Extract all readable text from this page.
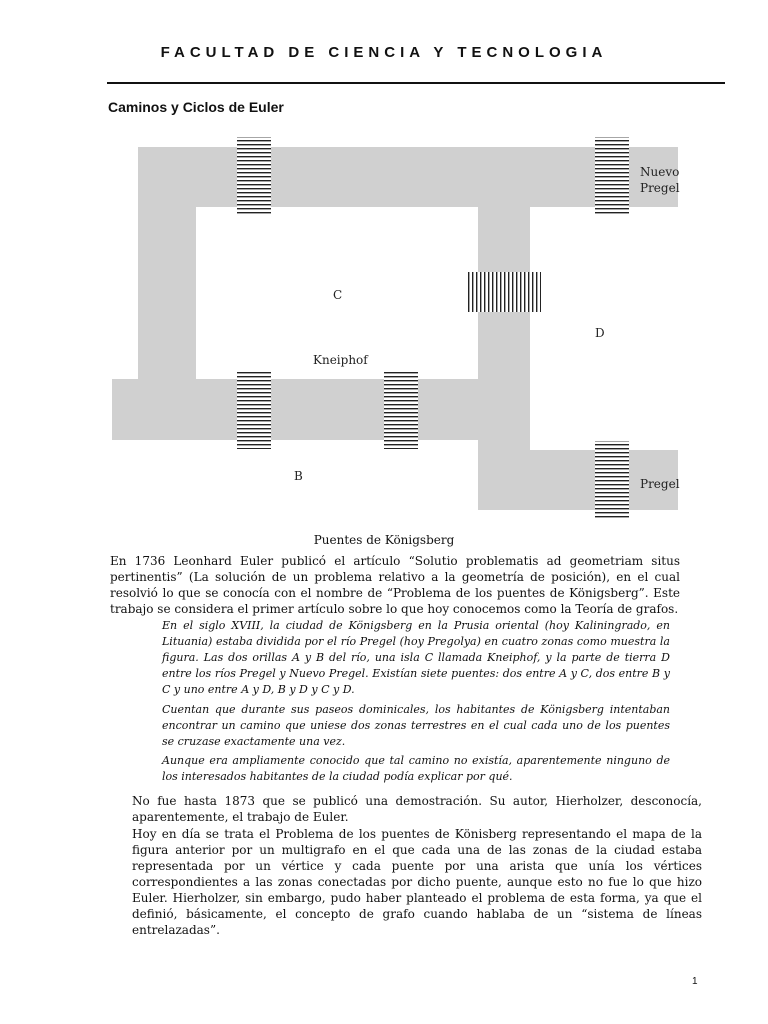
FACULTAD DE CIENCIA Y TECNOLOGIA
Caminos y Ciclos de Euler
Nuevo
Pregel
C
D
Kneiphof
B
Pregel
Puentes de Königsberg

En 1736 Leonhard Euler publicó el artículo “Solutio problematis ad geometriam situs pertinentis” (La solución de un problema relativo a la geometría de posición), en el cual resolvió lo que se conocía con el nombre de “Problema de los puentes de Königsberg”. Este trabajo se considera el primer artículo sobre lo que hoy conocemos como la Teoría de grafos.

En el siglo XVIII, la ciudad de Königsberg en la Prusia oriental (hoy Kaliningrado, en Lituania) estaba dividida por el río Pregel (hoy Pregolya) en cuatro zonas como muestra la figura. Las dos orillas A y B del río, una isla C llamada Kneiphof, y la parte de tierra D entre los ríos Pregel y Nuevo Pregel. Existían siete puentes: dos entre A y C, dos entre B y C y uno entre A y D, B y D y C y D.

Cuentan que durante sus paseos dominicales, los habitantes de Königsberg intentaban encontrar un camino que uniese dos zonas terrestres en el cual cada uno de los puentes se cruzase exactamente una vez.

Aunque era ampliamente conocido que tal camino no existía, aparentemente ninguno de los interesados habitantes de la ciudad podía explicar por qué.

No fue hasta 1873 que se publicó una demostración. Su autor, Hierholzer, desconocía, aparentemente, el trabajo de Euler.

Hoy en día se trata el Problema de los puentes de Könisberg representando el mapa de la figura anterior por un multigrafo en el que cada una de las zonas de la ciudad estaba representada por un vértice y cada puente por una arista que unía los vértices correspondientes a las zonas conectadas por dicho puente, aunque esto no fue lo que hizo Euler. Hierholzer, sin embargo, pudo haber planteado el problema de esta forma, ya que el definió, básicamente, el concepto de grafo cuando hablaba de un “sistema de líneas entrelazadas”.

1
